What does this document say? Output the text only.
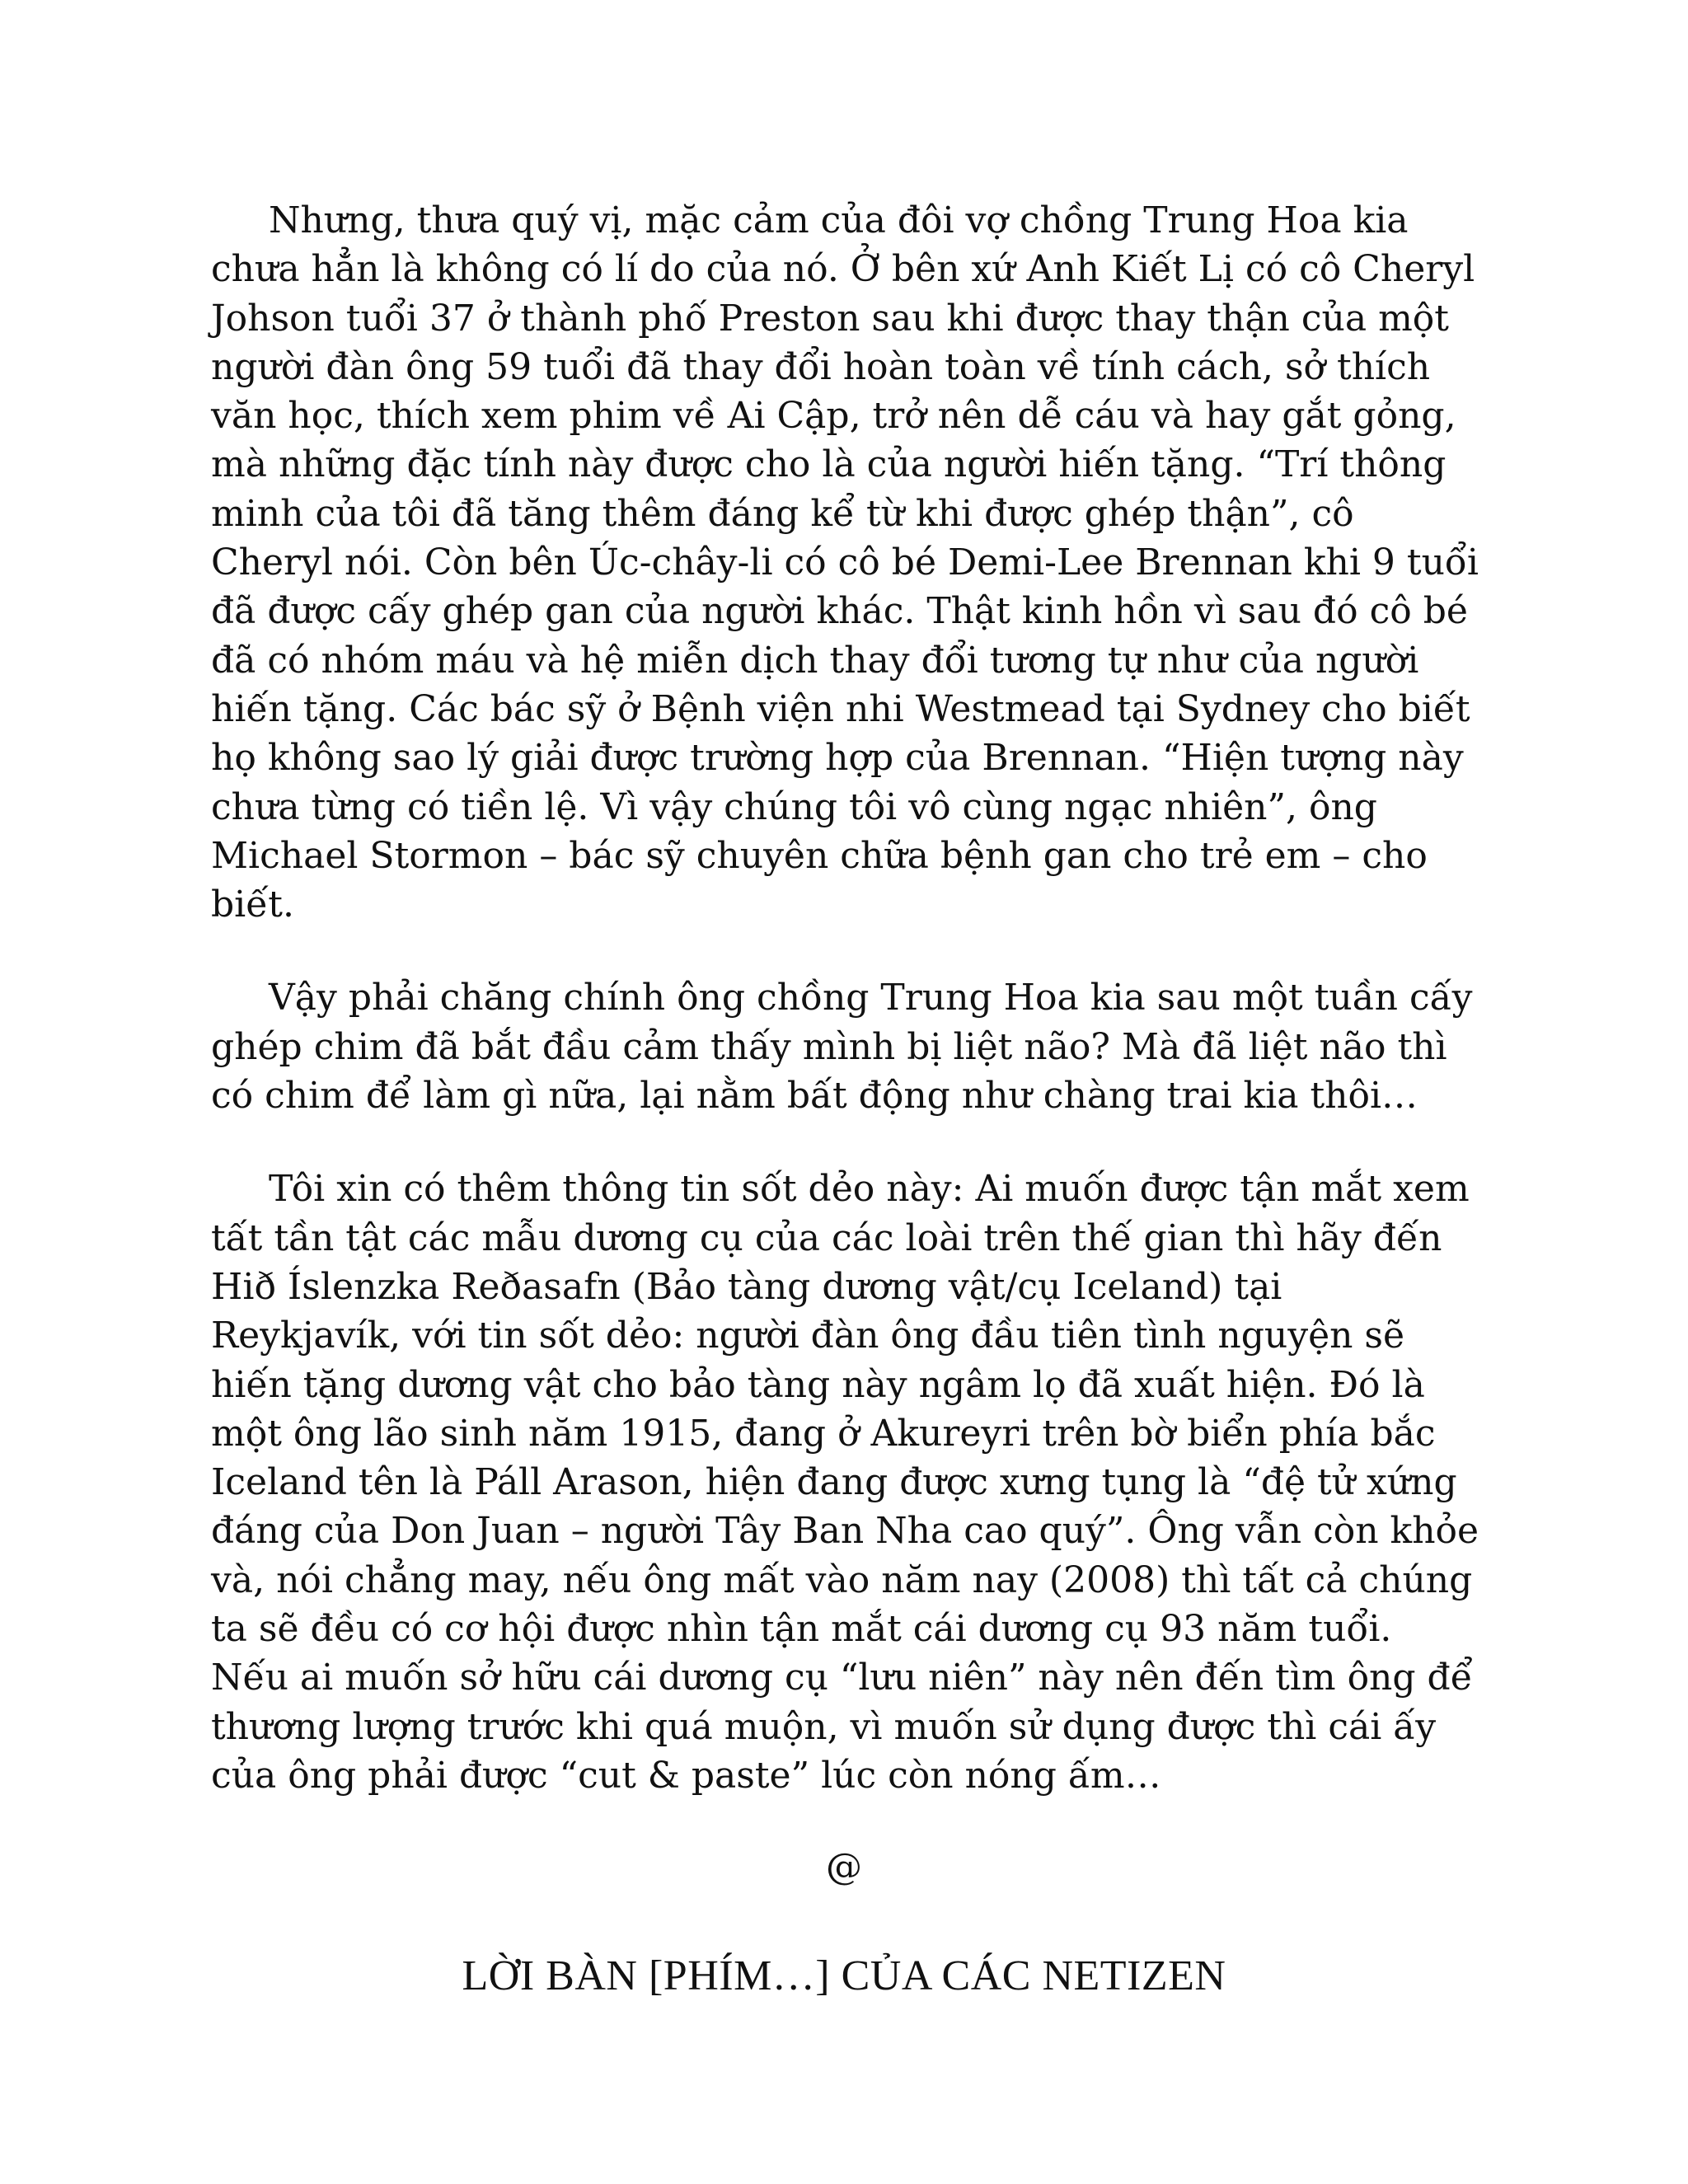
Nhưng, thưa quý vị, mặc cảm của đôi vợ chồng Trung Hoa kia chưa hẳn là không có lí do của nó. Ở bên xứ Anh Kiết Lị có cô Cheryl Johson tuổi 37 ở thành phố Preston sau khi được thay thận của một người đàn ông 59 tuổi đã thay đổi hoàn toàn về tính cách, sở thích văn học, thích xem phim về Ai Cập, trở nên dễ cáu và hay gắt gỏng, mà những đặc tính này được cho là của người hiến tặng. “Trí thông minh của tôi đã tăng thêm đáng kể từ khi được ghép thận”, cô Cheryl nói. Còn bên Úc-chây-li có cô bé Demi-Lee Brennan khi 9 tuổi đã được cấy ghép gan của người khác. Thật kinh hồn vì sau đó cô bé đã có nhóm máu và hệ miễn dịch thay đổi tương tự như của người hiến tặng. Các bác sỹ ở Bệnh viện nhi Westmead tại Sydney cho biết họ không sao lý giải được trường hợp của Brennan. “Hiện tượng này chưa từng có tiền lệ. Vì vậy chúng tôi vô cùng ngạc nhiên”, ông Michael Stormon – bác sỹ chuyên chữa bệnh gan cho trẻ em – cho biết.

Vậy phải chăng chính ông chồng Trung Hoa kia sau một tuần cấy ghép chim đã bắt đầu cảm thấy mình bị liệt não? Mà đã liệt não thì có chim để làm gì nữa, lại nằm bất động như chàng trai kia thôi…

Tôi xin có thêm thông tin sốt dẻo này: Ai muốn được tận mắt xem tất tần tật các mẫu dương cụ của các loài trên thế gian thì hãy đến Hið Íslenzka Reðasafn (Bảo tàng dương vật/cụ Iceland) tại Reykjavík, với tin sốt dẻo: người đàn ông đầu tiên tình nguyện sẽ hiến tặng dương vật cho bảo tàng này ngâm lọ đã xuất hiện. Đó là một ông lão sinh năm 1915, đang ở Akureyri trên bờ biển phía bắc Iceland tên là Páll Arason, hiện đang được xưng tụng là “đệ tử xứng đáng của Don Juan – người Tây Ban Nha cao quý”. Ông vẫn còn khỏe và, nói chẳng may, nếu ông mất vào năm nay (2008) thì tất cả chúng ta sẽ đều có cơ hội được nhìn tận mắt cái dương cụ 93 năm tuổi. Nếu ai muốn sở hữu cái dương cụ “lưu niên” này nên đến tìm ông để thương lượng trước khi quá muộn, vì muốn sử dụng được thì cái ấy của ông phải được “cut & paste” lúc còn nóng ấm…

@
LỜI BÀN [PHÍM…] CỦA CÁC NETIZEN
